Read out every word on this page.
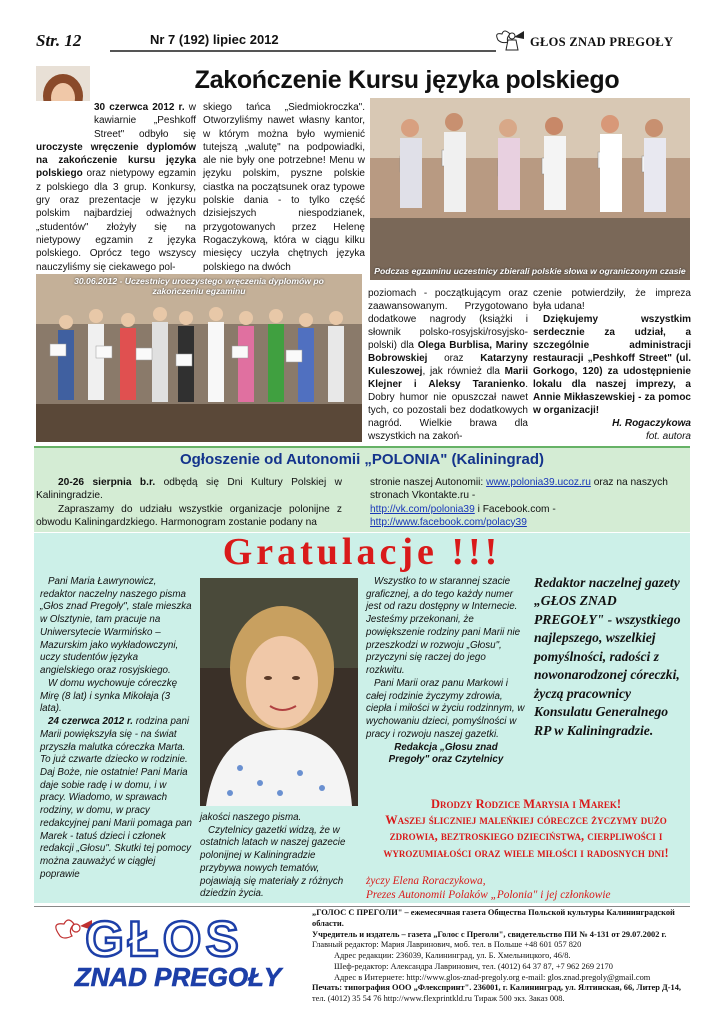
Str. 12	Nr 7 (192) lipiec 2012	GŁOS ZNAD PREGOŁY
Zakończenie Kursu języka polskiego
30 czerwca 2012 r. w kawiarnie „Peshkoff Street" odbyło się uroczyste wręczenie dyplomów na zakończenie kursu języka polskiego oraz nietypowy egzamin z polskiego dla 3 grup. Konkursy, gry oraz prezentacje w języku polskim najbardziej odważnych „studentów" złożyły się na nietypowy egzamin z języka polskiego. Oprócz tego wszyscy nauczyliśmy się ciekawego pol-
skiego tańca „Siedmiokroczka". Otworzyliśmy nawet własny kantor, w którym można było wymienić tutejszą „walutę" na podpowiadki, ale nie były one potrzebne! Menu w języku polskim, pyszne polskie ciastka na początsunek oraz typowe polskie dania - to tylko część dzisiejszych niespodzianek, przygotowanych przez Helenę Rogaczykową, która w ciągu kilku miesięcy uczyła chętnych języka polskiego na dwóch	Podczas egzaminu uczestnicy zbierali polskie słowa w ograniczonym czasie
30.06.2012 - Uczestnicy uroczystego wręczenia dyplomów po zakończeniu egzaminu	poziomach - początkującym oraz zaawansowanym. Przygotowano dodatkowe nagrody (książki i słownik polsko-rosyjski/rosyjsko-polski) dla Olega Burblisa, Mariny Bobrowskiej oraz Katarzyny Kuleszowej, jak również dla Marii Klejner i Aleksy Taranienko. Dobry humor nie opuszczał nawet tych, co pozostali bez dodatkowych nagród. Wielkie brawa dla wszystkich na zakoń-
czenie potwierdziły, że impreza była udana!
Dziękujemy wszystkim serdecznie za udział, a szczególnie administracji restauracji „Peshkoff Street" (ul. Gorkogo, 120) za udostępnienie lokalu dla naszej imprezy, a Annie Mikłaszewskiej - za pomoc w organizacji!
H. Rogaczykowa
fot. autora
Ogłoszenie od Autonomii „POLONIA" (Kaliningrad)
20-26 sierpnia b.r. odbędą się Dni Kultury Polskiej w Kaliningradzie.
Zapraszamy do udziału wszystkie organizacje polonijne z obwodu Kaliningardzkiego. Harmonogram zostanie podany na
stronie naszej Autonomii: www.polonia39.ucoz.ru oraz na naszych stronach Vkontakte.ru -
http://vk.com/polonia39 i Facebook.com -
http://www.facebook.com/polacy39
Gratulacje !!!
Pani Maria Ławrynowicz, redaktor naczelny naszego pisma „Głos znad Pregoły", stale mieszka w Olsztynie, tam pracuje na Uniwersytecie Warmińsko – Mazurskim jako wykładowczyni, uczy studentów języka angielskiego oraz rosyjskiego.
W domu wychowuje córeczkę Mirę (8 lat) i synka Mikołaja (3 lata).
24 czerwca 2012 r. rodzina pani Marii powiększyła się - na świat przyszła malutka córeczka Marta. To już czwarte dziecko w rodzinie. Daj Boże, nie ostatnie! Pani Maria daje sobie radę i w domu, i w pracy. Wiadomo, w sprawach rodziny, w domu, w pracy redakcyjnej pani Marii pomaga pan Marek - tatuś dzieci i członek redakcji „Głosu". Skutki tej pomocy można zauważyć w ciągłej poprawie
jakości naszego pisma.
Czytelnicy gazetki widzą, że w ostatnich latach w naszej gazecie polonijnej w Kaliningradzie przybywa nowych tematów, pojawiają się materiały z różnych dziedzin życia.
Wszystko to w starannej szacie graficznej, a do tego każdy numer jest od razu dostępny w Internecie. Jesteśmy przekonani, że powiększenie rodziny pani Marii nie przeszkodzi w rozwoju „Głosu", przyczyni się raczej do jego rozkwitu.
Pani Marii oraz panu Markowi i całej rodzinie życzymy zdrowia, ciepła i miłości w życiu rodzinnym, w wychowaniu dzieci, pomyślności w pracy i rozwoju naszej gazetki.
Redakcja „Głosu znad Pregoły" oraz Czytelnicy
Redaktor naczelnej gazety „GŁOS ZNAD PREGOŁY" - wszystkiego najlepszego, wszelkiej pomyślności, radości z nowonarodzonej córeczki, życzą pracownicy Konsulatu Generalnego RP w Kaliningradzie.
Drodzy Rodzice Marysia i Marek!
Waszej śliczniej maleńkiej córeczce życzymy dużo zdrowia, beztroskiego dzieciństwa, cierpliwości i wyrozumiałości oraz wiele miłości i radosnych dni!
życzy Elena Roraczykowa,
Prezes Autonomii Polaków „Polonia" i jej członkowie
GŁOS
ZNAD PREGOŁY
„ГОЛОС С ПРЕГОЛИ" – ежемесячная газета Общества Польской культуры Калининградской области.
Учредитель и издатель – газета „Голос с Преголи", свидетельство ПИ № 4-131 от 29.07.2002 г.
Главный редактор: Мария Лавринович, моб. тел. в Польше +48 601 057 820
Адрес редакции: 236039, Калининград, ул. Б. Хмельницкого, 46/8.
Шеф-редактор: Александра Лавринович, тел. (4012) 64 37 87, +7 962 269 2170
Адрес в Интернете: http://www.glos-znad-pregoly.org e-mail: glos.znad.pregoly@gmail.com
Печать: типография ООО „Флекспринт". 236001, г. Калининград, ул. Ялтинская, 66, Литер Д-14,
тел. (4012) 35 54 76 http://www.flexprintkld.ru Тираж 500 экз. Заказ 008.
